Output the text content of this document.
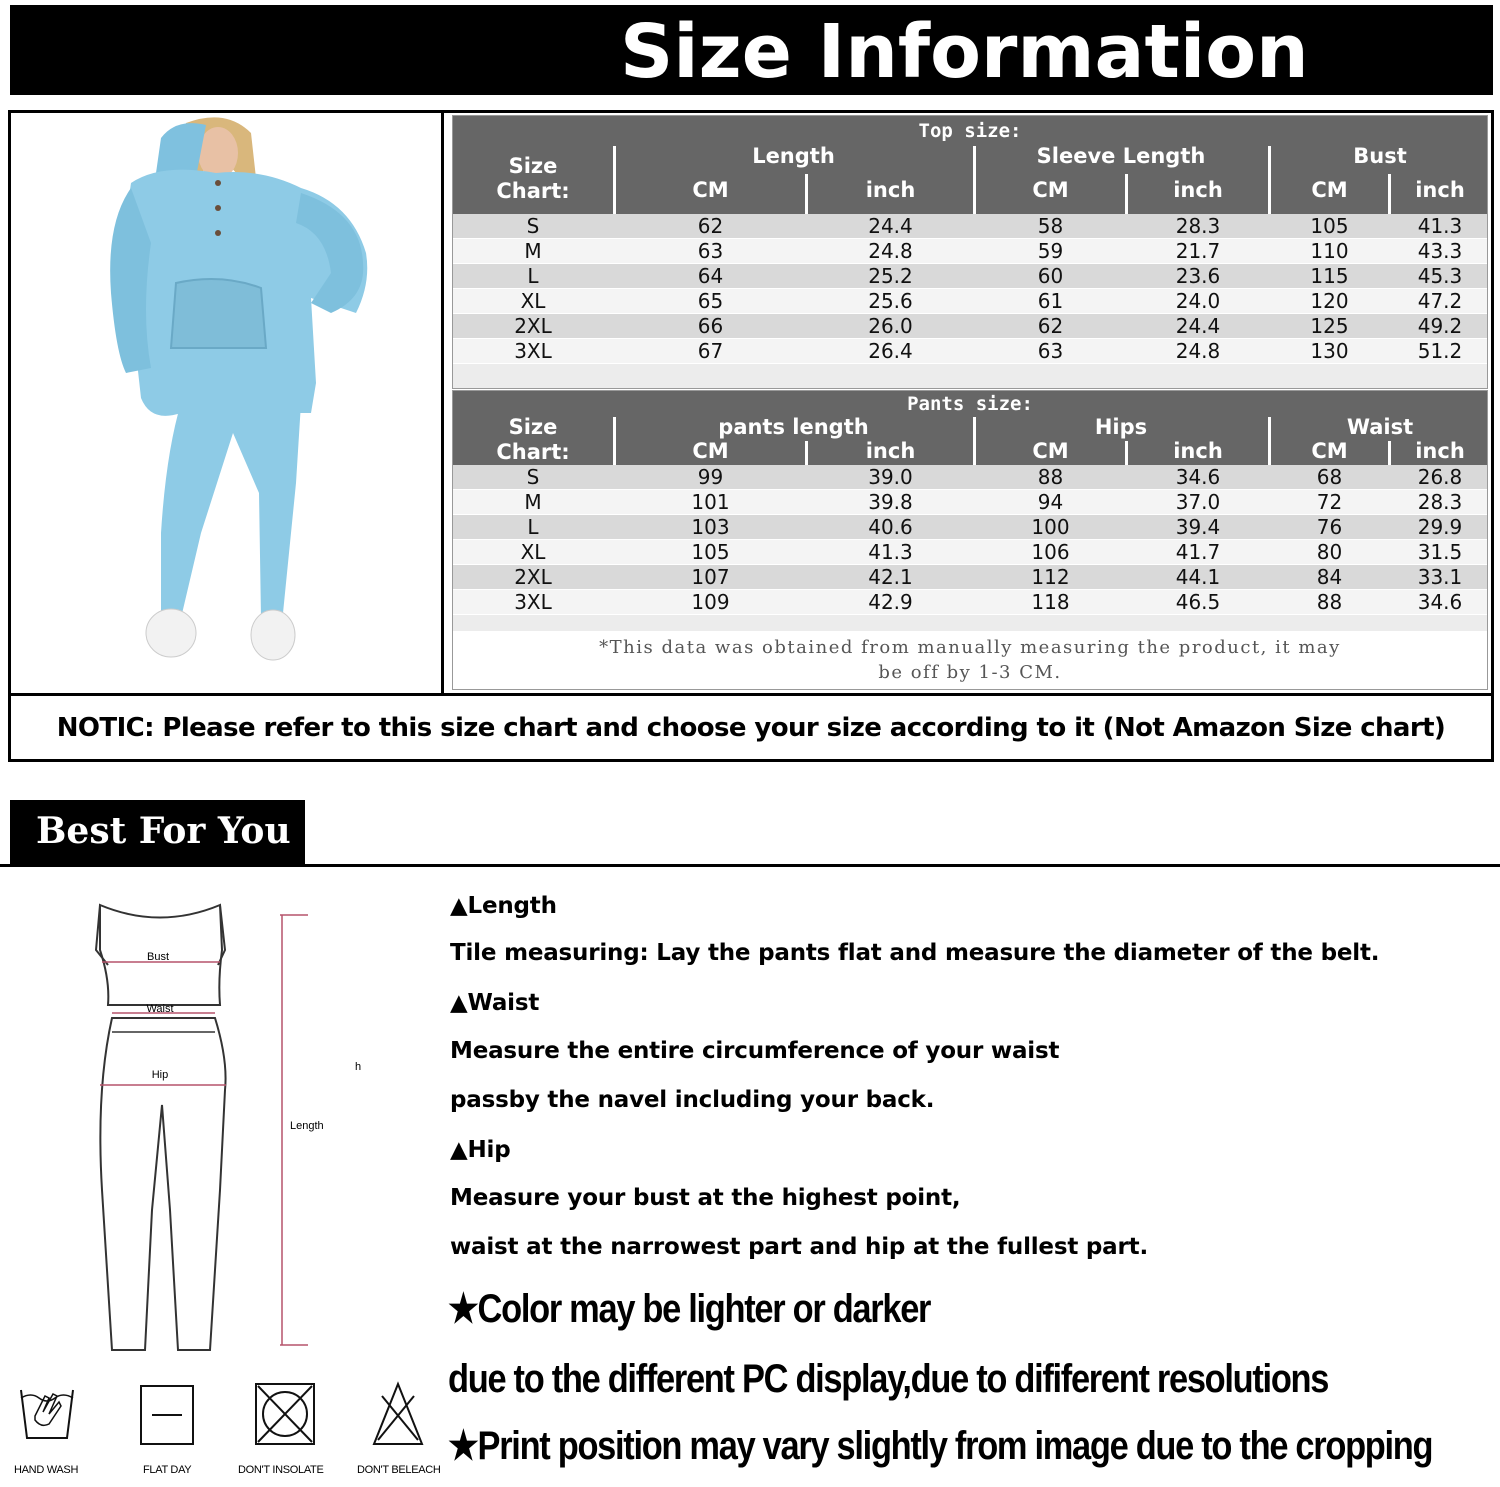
Size Information
Top size:
Size
Chart:
Length	Sleeve Length	Bust
CM	inch	CM	inch	CM	inch
S	62	24.4	58	28.3	105	41.3
M	63	24.8	59	21.7	110	43.3
L	64	25.2	60	23.6	115	45.3
XL	65	25.6	61	24.0	120	47.2
2XL	66	26.0	62	24.4	125	49.2
3XL	67	26.4	63	24.8	130	51.2
Pants size:
Size
Chart:
pants length	Hips	Waist
CM	inch	CM	inch	CM	inch
S	99	39.0	88	34.6	68	26.8
M	101	39.8	94	37.0	72	28.3
L	103	40.6	100	39.4	76	29.9
XL	105	41.3	106	41.7	80	31.5
2XL	107	42.1	112	44.1	84	33.1
3XL	109	42.9	118	46.5	88	34.6
*This data was obtained from manually measuring the product, it may
be off by 1-3 CM.
NOTIC: Please refer to this size chart and choose your size according to it (Not Amazon Size chart)
Best For You
Bust
Waist
Hip
h
Length
▲Length
Tile measuring: Lay the pants flat and measure the diameter of the belt.
▲Waist
Measure the entire circumference of your waist
passby the navel including your back.
▲Hip
Measure your bust at the highest point,
waist at the narrowest part and hip at the fullest part.
★Color may be lighter or darker
due to the different PC display,due to dififerent resolutions
★Print position may vary slightly from image due to the cropping
HAND WASH	FLAT DAY	DON'T INSOLATE	DON'T BELEACH
